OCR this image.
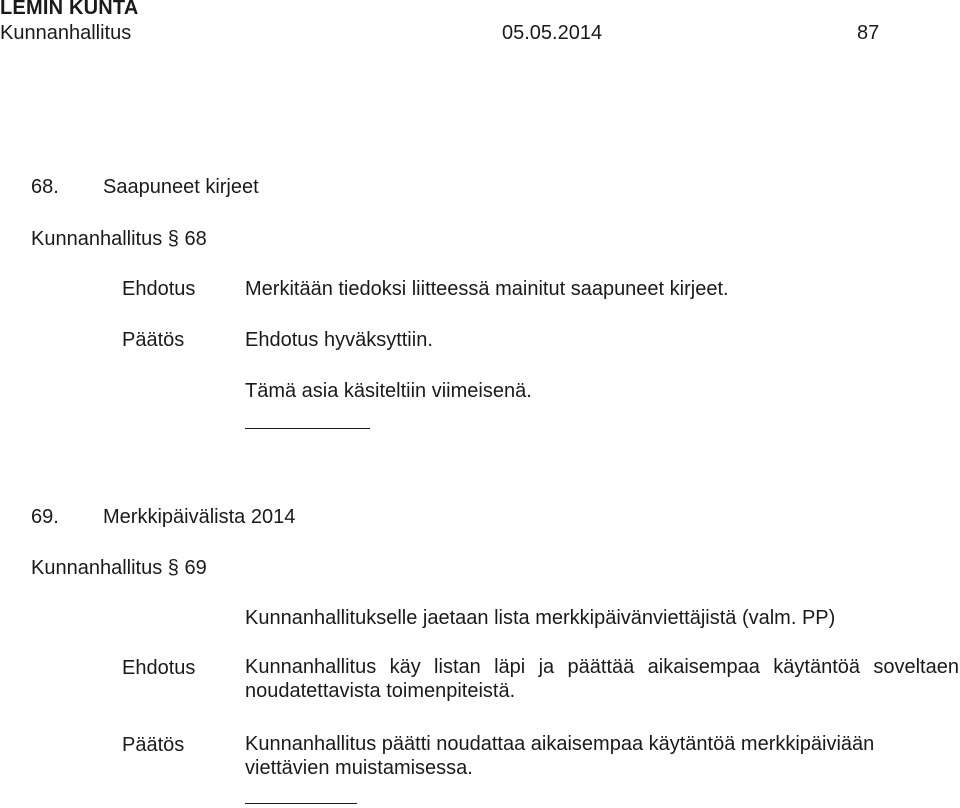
LEMIN KUNTA
Kunnanhallitus	05.05.2014	87
68. Saapuneet kirjeet
Kunnanhallitus § 68
Ehdotus Merkitään tiedoksi liitteessä mainitut saapuneet kirjeet.
Päätös	Ehdotus hyväksyttiin.
Tämä asia käsiteltiin viimeisenä.
69. Merkkipäivälista 2014
Kunnanhallitus § 69
Kunnanhallitukselle jaetaan lista merkkipäivänviettäjistä (valm. PP)
Ehdotus Kunnanhallitus käy listan läpi ja päättää aikaisempaa käytäntöä soveltaen noudatettavista toimenpiteistä.
Päätös	Kunnanhallitus päätti noudattaa aikaisempaa käytäntöä merkkipäiviään viettävien muistamisessa.
